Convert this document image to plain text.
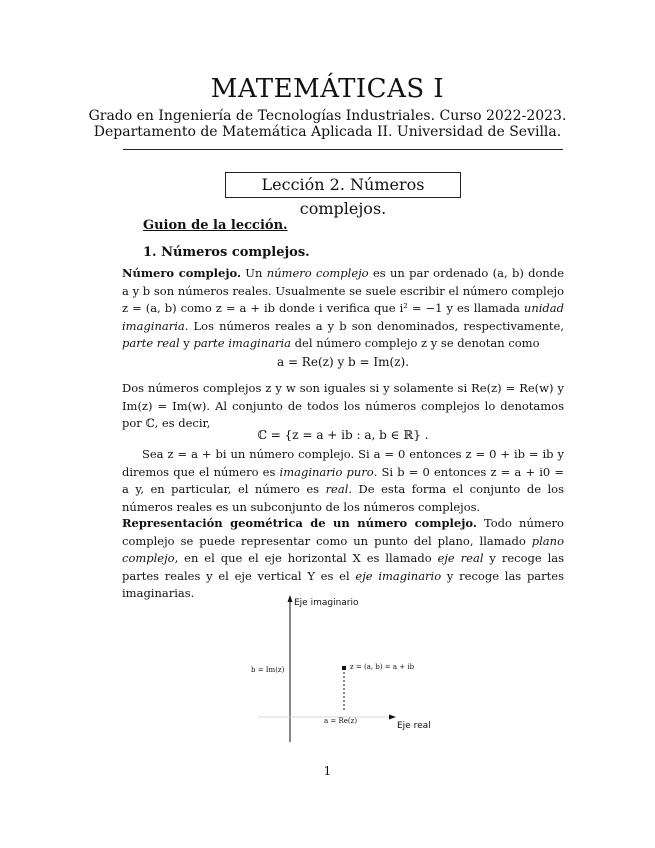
MATEMÁTICAS I
Grado en Ingeniería de Tecnologías Industriales. Curso 2022-2023.
Departamento de Matemática Aplicada II. Universidad de Sevilla.
Lección 2. Números complejos.
Guion de la lección.
1. Números complejos.
Número complejo. Un número complejo es un par ordenado (a, b) donde a y b son números reales. Usualmente se suele escribir el número complejo z = (a, b) como z = a + ib donde i verifica que i² = −1 y es llamada unidad imaginaria. Los números reales a y b son denominados, respectivamente, parte real y parte imaginaria del número complejo z y se denotan como
a = Re(z) y b = Im(z).
Dos números complejos z y w son iguales si y solamente si Re(z) = Re(w) y Im(z) = Im(w). Al conjunto de todos los números complejos lo denotamos por ℂ, es decir,
ℂ = {z = a + ib : a, b ∈ ℝ} .
Sea z = a + bi un número complejo. Si a = 0 entonces z = 0 + ib = ib y diremos que el número es imaginario puro. Si b = 0 entonces z = a + i0 = a y, en particular, el número es real. De esta forma el conjunto de los números reales es un subconjunto de los números complejos.
Representación geométrica de un número complejo. Todo número complejo se puede representar como un punto del plano, llamado plano complejo, en el que el eje horizontal X es llamado eje real y recoge las partes reales y el eje vertical Y es el eje imaginario y recoge las partes imaginarias.
Eje imaginario
Eje real
z = (a, b) = a + ib
b = Im(z)
a = Re(z)
1
